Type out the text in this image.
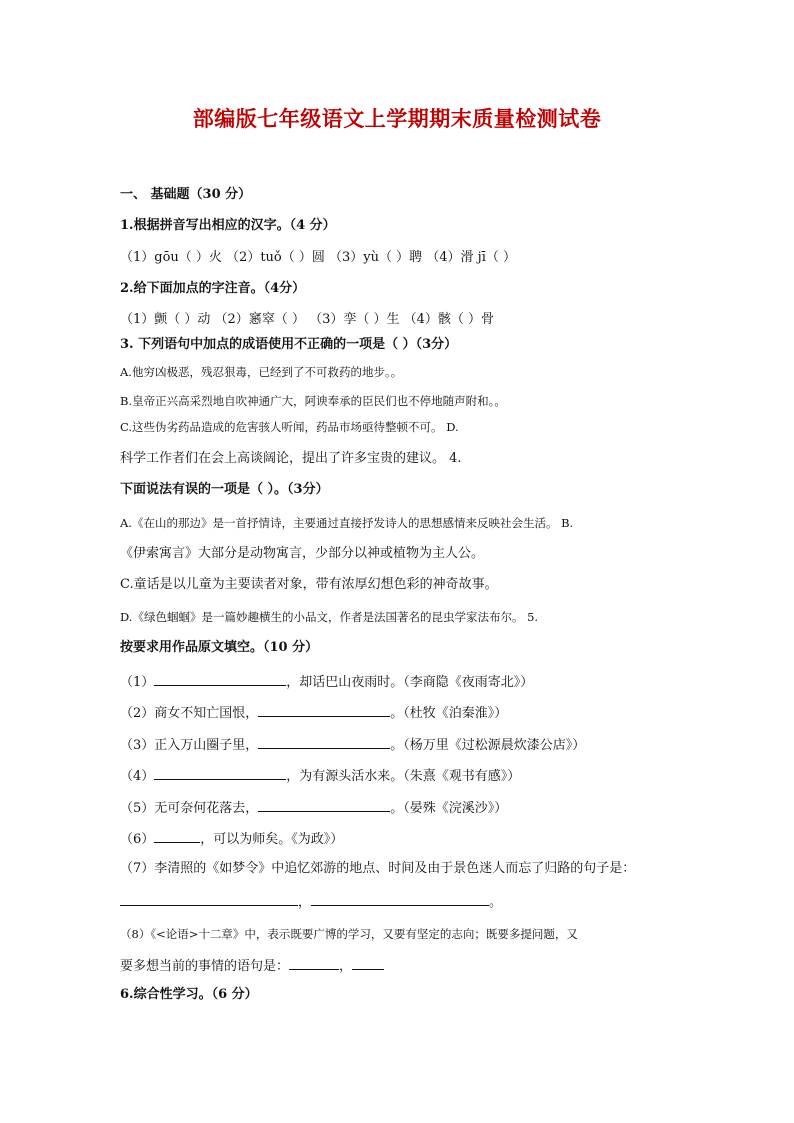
部编版七年级语文上学期期末质量检测试卷
一、 基础题（30 分）
1.根据拼音写出相应的汉字。（4 分）
（1）gōu（ ）火 （2）tuǒ（ ）圆 （3）yù（ ）聘 （4）滑 jī（ ）
2.给下面加点的字注音。（4分）
（1）颤（ ）动 （2）窸窣（ ） （3）孪（ ）生 （4）骸（ ）骨
3. 下列语句中加点的成语使用不正确的一项是（ ）（3分）
A.他穷凶极恶，残忍狠毒，已经到了不可救药的地步。。
B.皇帝正兴高采烈地自吹神通广大，阿谀奉承的臣民们也不停地随声附和。。
C.这些伪劣药品造成的危害骇人听闻，药品市场亟待整顿不可。 D.
科学工作者们在会上高谈阔论，提出了许多宝贵的建议。 4.
下面说法有误的一项是（ ）。（3分）
A.《在山的那边》是一首抒情诗，主要通过直接抒发诗人的思想感情来反映社会生活。 B.
《伊索寓言》大部分是动物寓言，少部分以神或植物为主人公。
C.童话是以儿童为主要读者对象，带有浓厚幻想色彩的神奇故事。
D.《绿色蝈蝈》是一篇妙趣横生的小品文，作者是法国著名的昆虫学家法布尔。 5.
按要求用作品原文填空。（10 分）
（1）	，却话巴山夜雨时。（李商隐《夜雨寄北》）
（2）商女不知亡国恨，	。（杜牧《泊秦淮》）
（3）正入万山圈子里，	。（杨万里《过松源晨炊漆公店》）
（4）	，为有源头活水来。（朱熹《观书有感》）
（5）无可奈何花落去，	。（晏殊《浣溪沙》）
（6）	，可以为师矣。《为政》）
（7）李清照的《如梦令》中追忆郊游的地点、时间及由于景色迷人而忘了归路的句子是：
，	。
（8）《<论语>十二章》中，表示既要广博的学习，又要有坚定的志向；既要多提问题，又
要多想当前的事情的语句是：	，
6.综合性学习。（6 分）
